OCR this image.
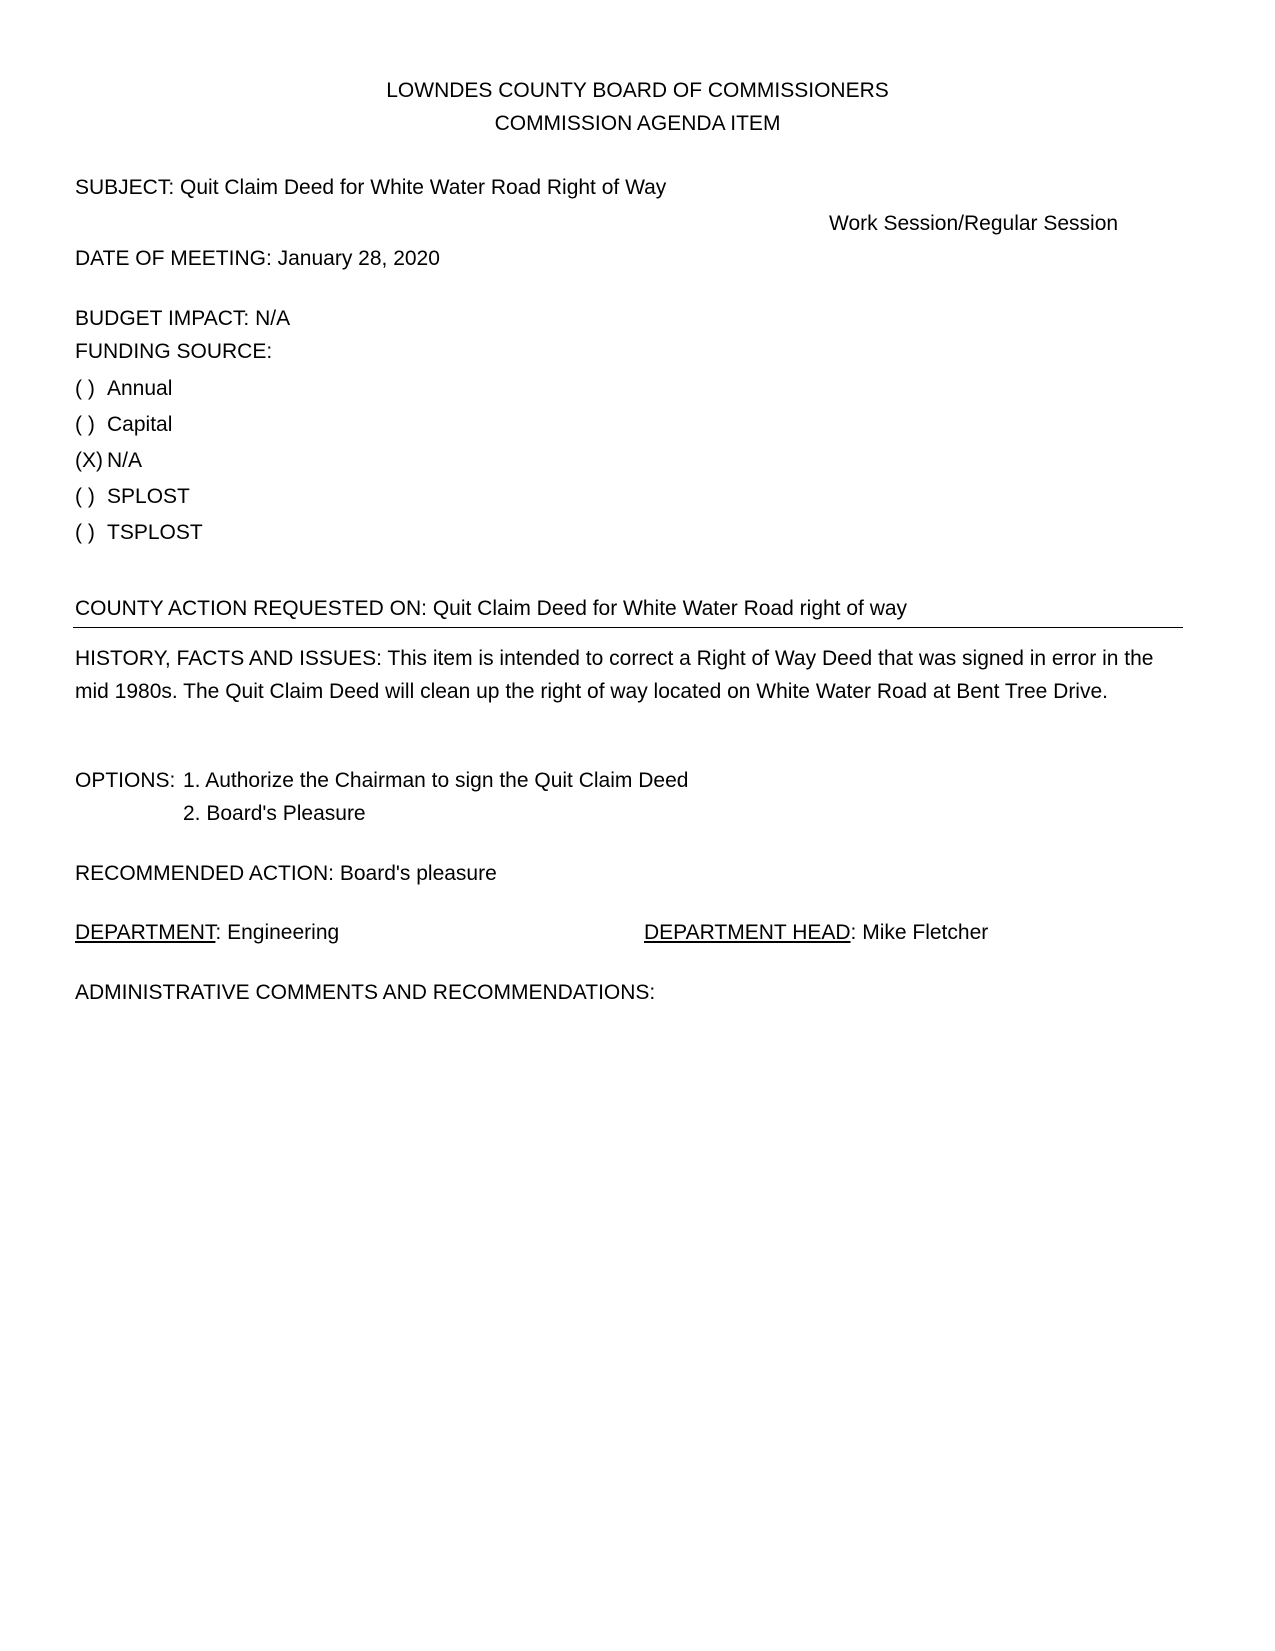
LOWNDES COUNTY BOARD OF COMMISSIONERS
COMMISSION AGENDA ITEM
SUBJECT: Quit Claim Deed for White Water Road Right of Way
Work Session/Regular Session
DATE OF MEETING: January 28, 2020
BUDGET IMPACT: N/A
FUNDING SOURCE:
( ) Annual
( ) Capital
(X) N/A
( ) SPLOST
( ) TSPLOST
COUNTY ACTION REQUESTED ON: Quit Claim Deed for White Water Road right of way
HISTORY, FACTS AND ISSUES: This item is intended to correct a Right of Way Deed that was signed in error in the mid 1980s. The Quit Claim Deed will clean up the right of way located on White Water Road at Bent Tree Drive.
OPTIONS: 1. Authorize the Chairman to sign the Quit Claim Deed
2. Board's Pleasure
RECOMMENDED ACTION: Board's pleasure
DEPARTMENT: Engineering	DEPARTMENT HEAD: Mike Fletcher
ADMINISTRATIVE COMMENTS AND RECOMMENDATIONS:
